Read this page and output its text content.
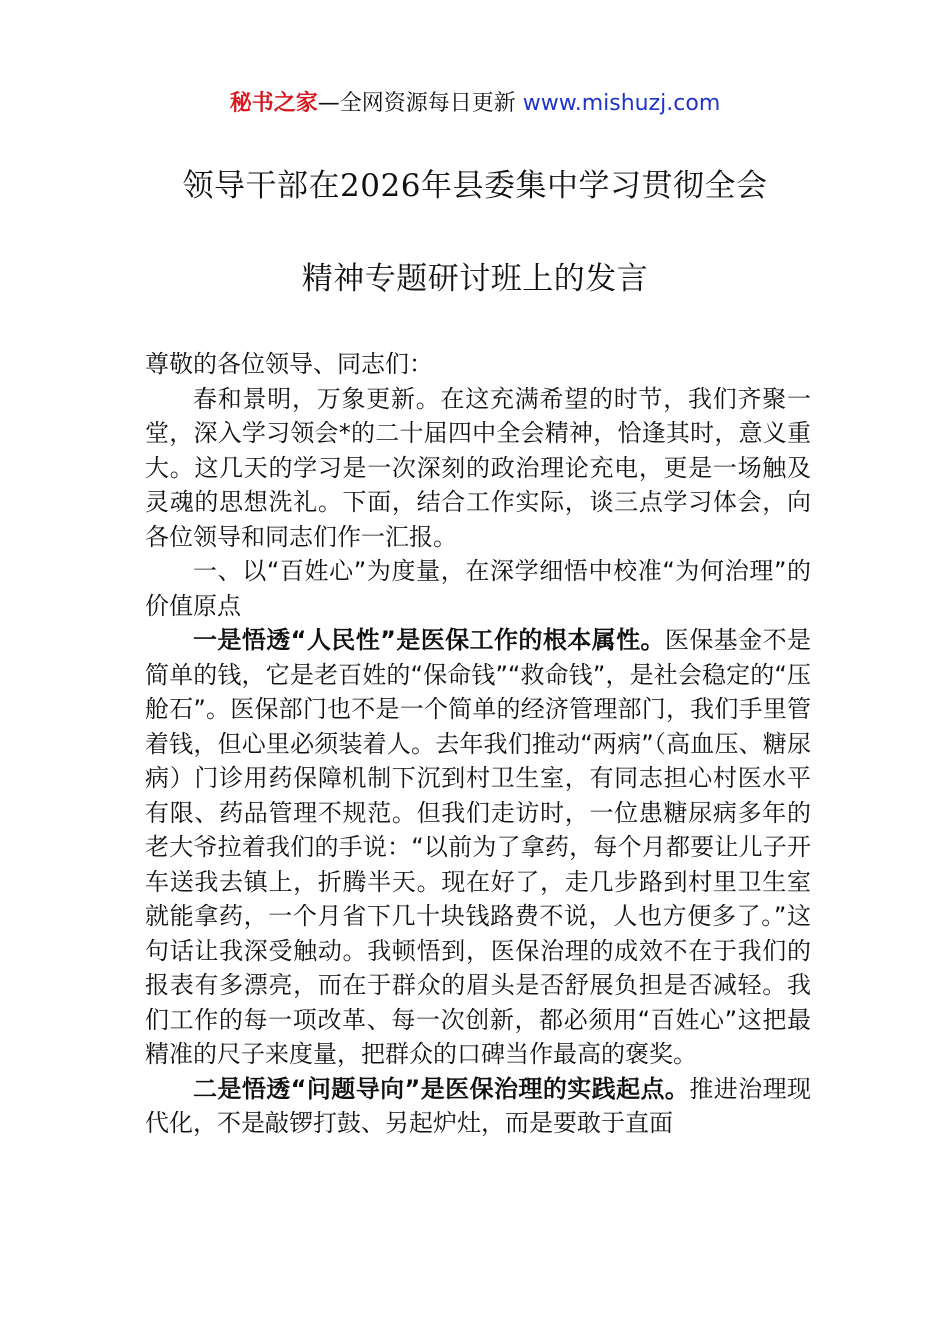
秘书之家—全网资源每日更新 www.mishuzj.com
领导干部在2026年县委集中学习贯彻全会
精神专题研讨班上的发言

尊敬的各位领导、同志们：

春和景明，万象更新。在这充满希望的时节，我们齐聚一堂，深入学习领会*的二十届四中全会精神，恰逢其时，意义重大。这几天的学习是一次深刻的政治理论充电，更是一场触及灵魂的思想洗礼。下面，结合工作实际，谈三点学习体会，向各位领导和同志们作一汇报。

一、以“百姓心”为度量，在深学细悟中校准“为何治理”的价值原点

一是悟透“人民性”是医保工作的根本属性。医保基金不是简单的钱，它是老百姓的“保命钱”“救命钱”，是社会稳定的“压舱石”。医保部门也不是一个简单的经济管理部门，我们手里管着钱，但心里必须装着人。去年我们推动“两病”（高血压、糖尿病）门诊用药保障机制下沉到村卫生室，有同志担心村医水平有限、药品管理不规范。但我们走访时，一位患糖尿病多年的老大爷拉着我们的手说：“以前为了拿药，每个月都要让儿子开车送我去镇上，折腾半天。现在好了，走几步路到村里卫生室就能拿药，一个月省下几十块钱路费不说，人也方便多了。”这句话让我深受触动。我顿悟到，医保治理的成效不在于我们的报表有多漂亮，而在于群众的眉头是否舒展负担是否减轻。我们工作的每一项改革、每一次创新，都必须用“百姓心”这把最精准的尺子来度量，把群众的口碑当作最高的褒奖。

二是悟透“问题导向”是医保治理的实践起点。推进治理现代化，不是敲锣打鼓、另起炉灶，而是要敢于直面
